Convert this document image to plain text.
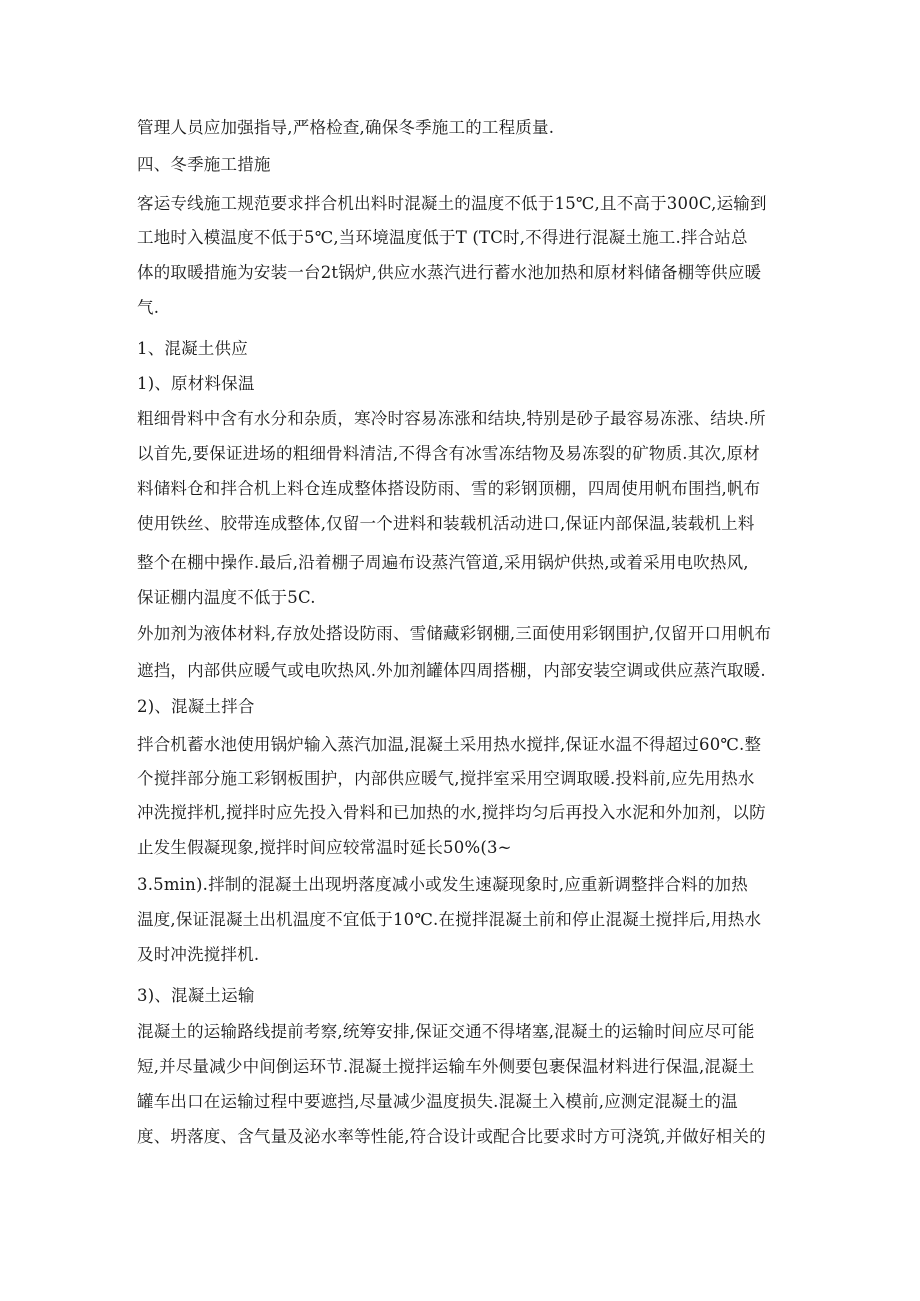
管理人员应加强指导,严格检查,确保冬季施工的工程质量.
四、冬季施工措施
客运专线施工规范要求拌合机出料时混凝土的温度不低于15℃,且不高于300C,运输到
工地时入模温度不低于5℃,当环境温度低于T (TC时,不得进行混凝土施工.拌合站总
体的取暖措施为安装一台2t锅炉,供应水蒸汽进行蓄水池加热和原材料储备棚等供应暖
气.
1、混凝土供应
1)、原材料保温
粗细骨料中含有水分和杂质，寒冷时容易冻涨和结块,特别是砂子最容易冻涨、结块.所
以首先,要保证进场的粗细骨料清洁,不得含有冰雪冻结物及易冻裂的矿物质.其次,原材
料储料仓和拌合机上料仓连成整体搭设防雨、雪的彩钢顶棚，四周使用帆布围挡,帆布
使用铁丝、胶带连成整体,仅留一个进料和装载机活动进口,保证内部保温,装载机上料
整个在棚中操作.最后,沿着棚子周遍布设蒸汽管道,采用锅炉供热,或着采用电吹热风,
保证棚内温度不低于5C.
外加剂为液体材料,存放处搭设防雨、雪储藏彩钢棚,三面使用彩钢围护,仅留开口用帆布
遮挡，内部供应暖气或电吹热风.外加剂罐体四周搭棚，内部安装空调或供应蒸汽取暖.
2)、混凝土拌合
拌合机蓄水池使用锅炉输入蒸汽加温,混凝土采用热水搅拌,保证水温不得超过60℃.整
个搅拌部分施工彩钢板围护，内部供应暖气,搅拌室采用空调取暖.投料前,应先用热水
冲洗搅拌机,搅拌时应先投入骨料和已加热的水,搅拌均匀后再投入水泥和外加剂，以防
止发生假凝现象,搅拌时间应较常温时延长50%(3~
3.5min).拌制的混凝土出现坍落度减小或发生速凝现象时,应重新调整拌合料的加热
温度,保证混凝土出机温度不宜低于10℃.在搅拌混凝土前和停止混凝土搅拌后,用热水
及时冲洗搅拌机.
3)、混凝土运输
混凝土的运输路线提前考察,统筹安排,保证交通不得堵塞,混凝土的运输时间应尽可能
短,并尽量减少中间倒运环节.混凝土搅拌运输车外侧要包裹保温材料进行保温,混凝土
罐车出口在运输过程中要遮挡,尽量减少温度损失.混凝土入模前,应测定混凝土的温
度、坍落度、含气量及泌水率等性能,符合设计或配合比要求时方可浇筑,并做好相关的
